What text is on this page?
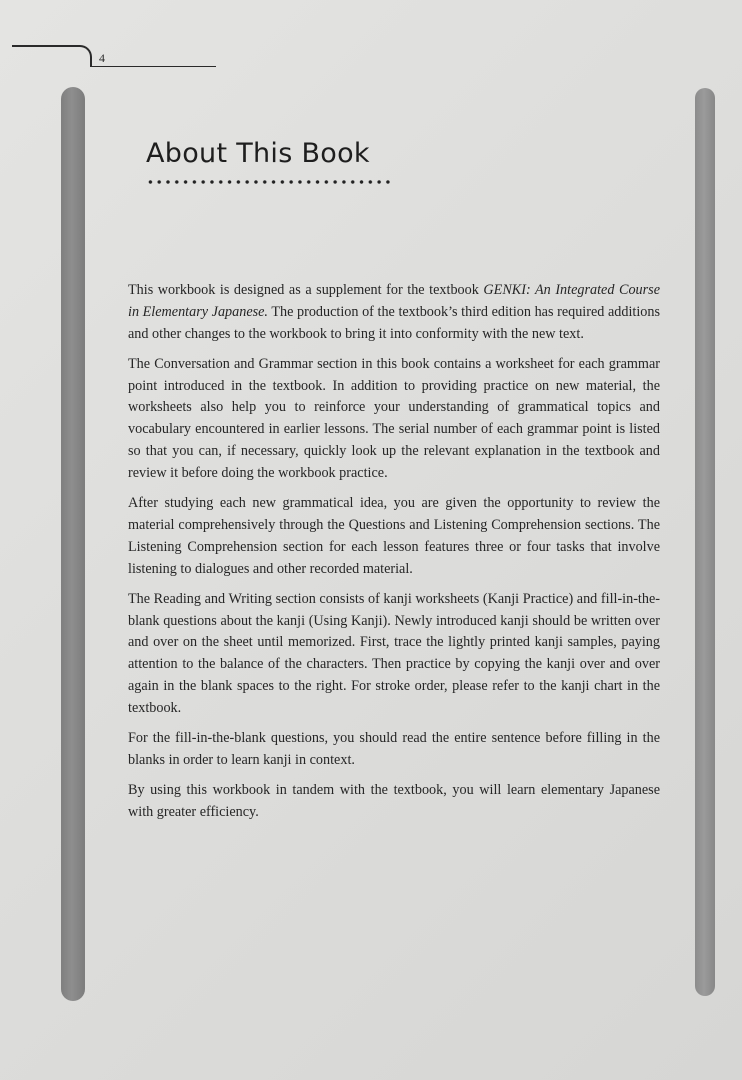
4
About This Book

This workbook is designed as a supplement for the textbook GENKI: An Integrated Course in Elementary Japanese. The production of the textbook’s third edition has required additions and other changes to the workbook to bring it into conformity with the new text.

The Conversation and Grammar section in this book contains a worksheet for each grammar point introduced in the textbook. In addition to providing practice on new material, the worksheets also help you to reinforce your understanding of grammatical topics and vocabulary encountered in earlier lessons. The serial number of each grammar point is listed so that you can, if necessary, quickly look up the relevant explanation in the textbook and review it before doing the workbook practice.

After studying each new grammatical idea, you are given the opportunity to review the material comprehensively through the Questions and Listening Comprehension sections. The Listening Comprehension section for each lesson features three or four tasks that involve listening to dialogues and other recorded material.

The Reading and Writing section consists of kanji worksheets (Kanji Practice) and fill-in-the-blank questions about the kanji (Using Kanji). Newly introduced kanji should be written over and over on the sheet until memorized. First, trace the lightly printed kanji samples, paying attention to the balance of the characters. Then practice by copying the kanji over and over again in the blank spaces to the right. For stroke order, please refer to the kanji chart in the textbook.

For the fill-in-the-blank questions, you should read the entire sentence before filling in the blanks in order to learn kanji in context.

By using this workbook in tandem with the textbook, you will learn elementary Japanese with greater efficiency.
